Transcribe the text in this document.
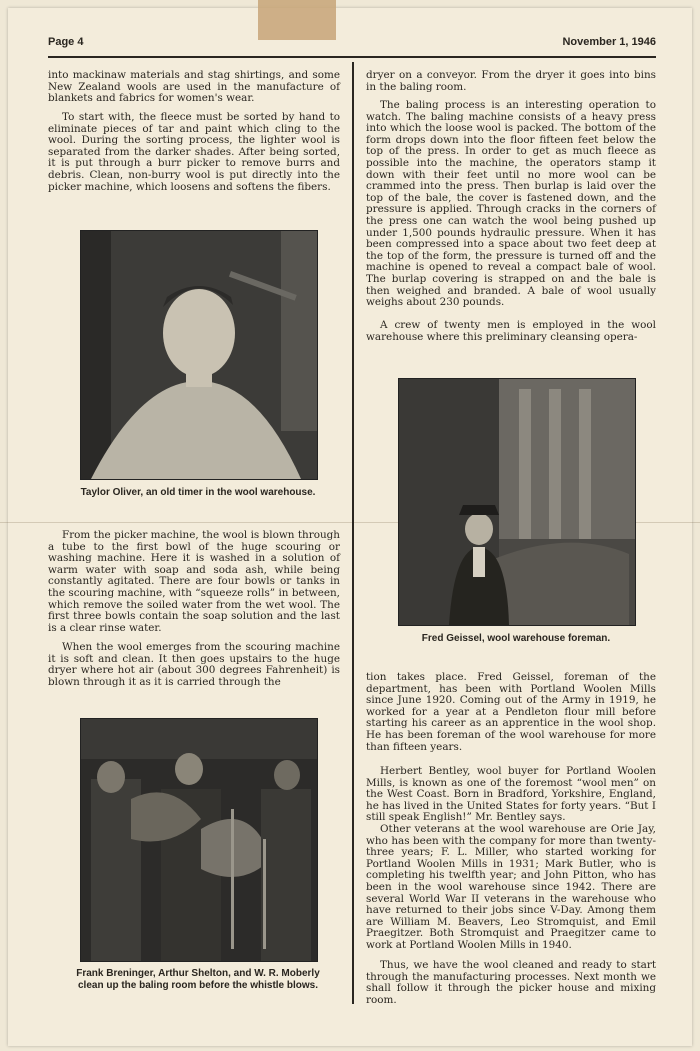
Page 4	November 1, 1946

into mackinaw materials and stag shirtings, and some New Zealand wools are used in the manufacture of blankets and fabrics for women's wear.

To start with, the fleece must be sorted by hand to eliminate pieces of tar and paint which cling to the wool. During the sorting process, the lighter wool is separated from the darker shades. After being sorted, it is put through a burr picker to remove burrs and debris. Clean, non-burry wool is put directly into the picker machine, which loosens and softens the fibers.

Taylor Oliver, an old timer in the wool warehouse.

From the picker machine, the wool is blown through a tube to the first bowl of the huge scouring or washing machine. Here it is washed in a solution of warm water with soap and soda ash, while being constantly agitated. There are four bowls or tanks in the scouring machine, with “squeeze rolls” in between, which remove the soiled water from the wet wool. The first three bowls contain the soap solution and the last is a clear rinse water.

When the wool emerges from the scouring machine it is soft and clean. It then goes upstairs to the huge dryer where hot air (about 300 degrees Fahrenheit) is blown through it as it is carried through the

Frank Breninger, Arthur Shelton, and W. R. Moberly clean up the baling room before the whistle blows.

dryer on a conveyor. From the dryer it goes into bins in the baling room.

The baling process is an interesting operation to watch. The baling machine consists of a heavy press into which the loose wool is packed. The bottom of the form drops down into the floor fifteen feet below the top of the press. In order to get as much fleece as possible into the machine, the operators stamp it down with their feet until no more wool can be crammed into the press. Then burlap is laid over the top of the bale, the cover is fastened down, and the pressure is applied. Through cracks in the corners of the press one can watch the wool being pushed up under 1,500 pounds hydraulic pressure. When it has been compressed into a space about two feet deep at the top of the form, the pressure is turned off and the machine is opened to reveal a compact bale of wool. The burlap covering is strapped on and the bale is then weighed and branded. A bale of wool usually weighs about 230 pounds.

A crew of twenty men is employed in the wool warehouse where this preliminary cleansing opera-

Fred Geissel, wool warehouse foreman.

tion takes place. Fred Geissel, foreman of the department, has been with Portland Woolen Mills since June 1920. Coming out of the Army in 1919, he worked for a year at a Pendleton flour mill before starting his career as an apprentice in the wool shop. He has been foreman of the wool warehouse for more than fifteen years.

Herbert Bentley, wool buyer for Portland Woolen Mills, is known as one of the foremost “wool men” on the West Coast. Born in Bradford, Yorkshire, England, he has lived in the United States for forty years. “But I still speak English!” Mr. Bentley says.

Other veterans at the wool warehouse are Orie Jay, who has been with the company for more than twenty-three years; F. L. Miller, who started working for Portland Woolen Mills in 1931; Mark Butler, who is completing his twelfth year; and John Pitton, who has been in the wool warehouse since 1942. There are several World War II veterans in the warehouse who have returned to their jobs since V-Day. Among them are William M. Beavers, Leo Stromquist, and Emil Praegitzer. Both Stromquist and Praegitzer came to work at Portland Woolen Mills in 1940.

Thus, we have the wool cleaned and ready to start through the manufacturing processes. Next month we shall follow it through the picker house and mixing room.
